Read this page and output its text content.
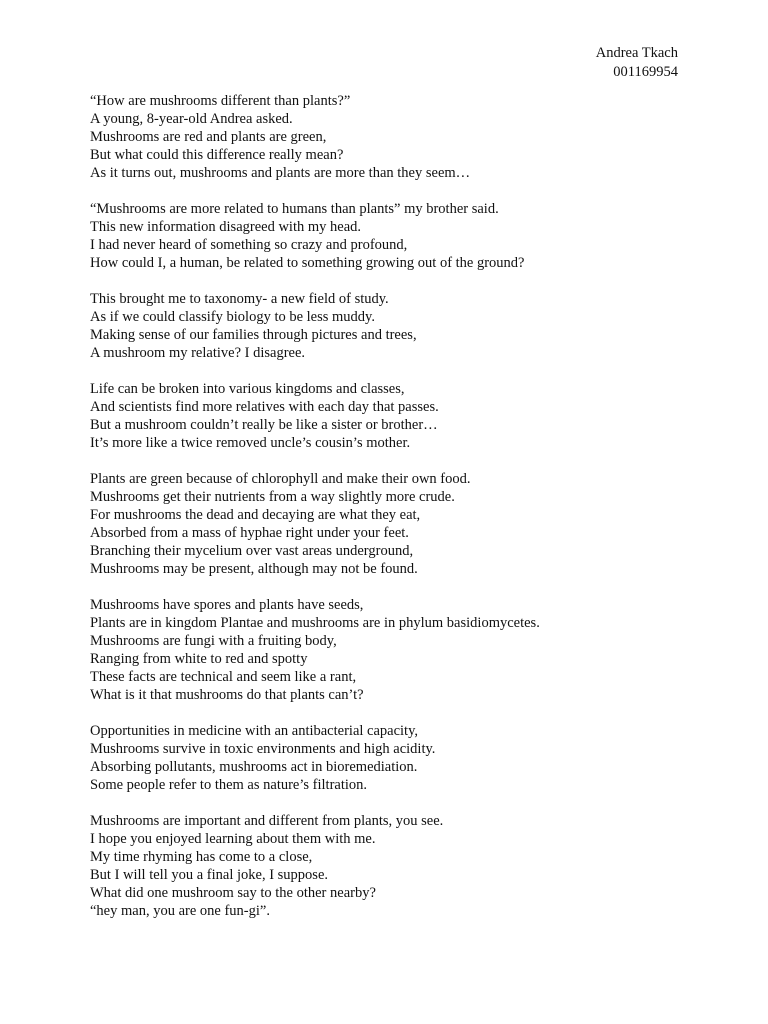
Andrea Tkach
001169954
“How are mushrooms different than plants?”
A young, 8-year-old Andrea asked.
Mushrooms are red and plants are green,
But what could this difference really mean?
As it turns out, mushrooms and plants are more than they seem…
“Mushrooms are more related to humans than plants” my brother said.
This new information disagreed with my head.
I had never heard of something so crazy and profound,
How could I, a human, be related to something growing out of the ground?
This brought me to taxonomy- a new field of study.
As if we could classify biology to be less muddy.
Making sense of our families through pictures and trees,
A mushroom my relative? I disagree.
Life can be broken into various kingdoms and classes,
And scientists find more relatives with each day that passes.
But a mushroom couldn’t really be like a sister or brother…
It’s more like a twice removed uncle’s cousin’s mother.
Plants are green because of chlorophyll and make their own food.
Mushrooms get their nutrients from a way slightly more crude.
For mushrooms the dead and decaying are what they eat,
Absorbed from a mass of hyphae right under your feet.
Branching their mycelium over vast areas underground,
Mushrooms may be present, although may not be found.
Mushrooms have spores and plants have seeds,
Plants are in kingdom Plantae and mushrooms are in phylum basidiomycetes.
Mushrooms are fungi with a fruiting body,
Ranging from white to red and spotty
These facts are technical and seem like a rant,
What is it that mushrooms do that plants can’t?
Opportunities in medicine with an antibacterial capacity,
Mushrooms survive in toxic environments and high acidity.
Absorbing pollutants, mushrooms act in bioremediation.
Some people refer to them as nature’s filtration.
Mushrooms are important and different from plants, you see.
I hope you enjoyed learning about them with me.
My time rhyming has come to a close,
But I will tell you a final joke, I suppose.
What did one mushroom say to the other nearby?
“hey man, you are one fun-gi”.
